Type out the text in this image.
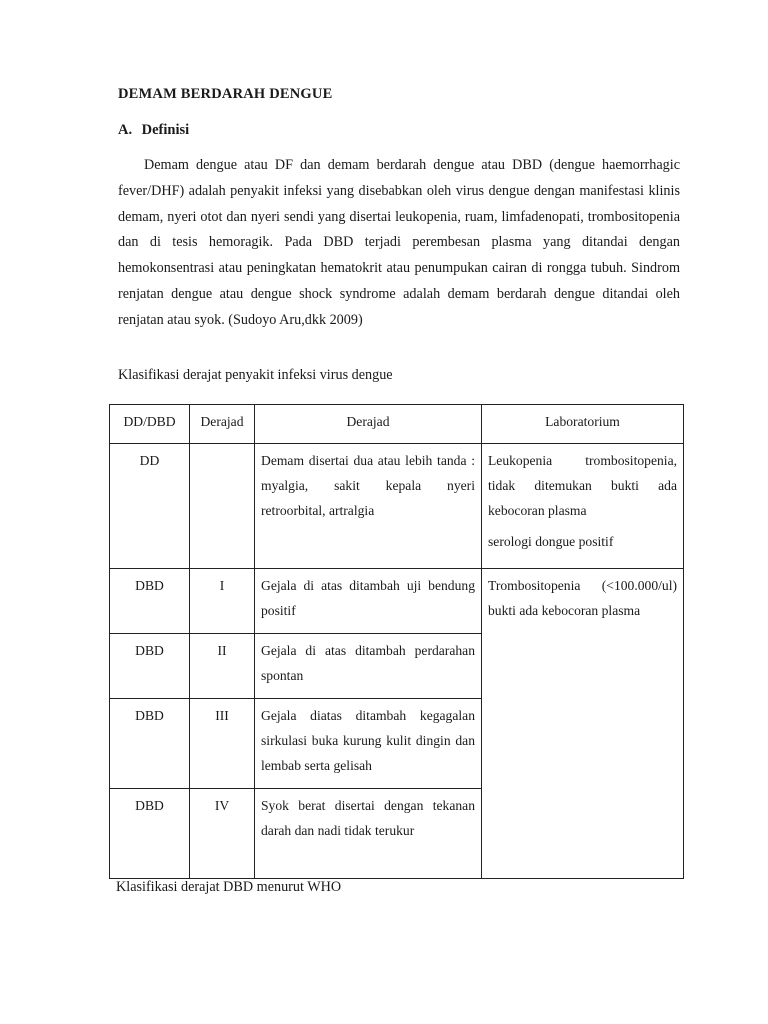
DEMAM BERDARAH DENGUE
A. Definisi

Demam dengue atau DF dan demam berdarah dengue atau DBD (dengue haemorrhagic fever/DHF) adalah penyakit infeksi yang disebabkan oleh virus dengue dengan manifestasi klinis demam, nyeri otot dan nyeri sendi yang disertai leukopenia, ruam, limfadenopati, trombositopenia dan di tesis hemoragik. Pada DBD terjadi perembesan plasma yang ditandai dengan hemokonsentrasi atau peningkatan hematokrit atau penumpukan cairan di rongga tubuh. Sindrom renjatan dengue atau dengue shock syndrome adalah demam berdarah dengue ditandai oleh renjatan atau syok. (Sudoyo Aru,dkk 2009)

Klasifikasi derajat penyakit infeksi virus dengue
DD/DBD	Derajad	Derajad	Laboratorium
DD		Demam disertai dua atau lebih tanda : myalgia, sakit kepala nyeri retroorbital, artralgia	Leukopenia trombositopenia, tidak ditemukan bukti ada kebocoran plasma
serologi dongue positif

DBD	I	Gejala di atas ditambah uji bendung positif	Trombositopenia (<100.000/ul) bukti ada kebocoran plasma

DBD	II	Gejala di atas ditambah perdarahan spontan	
DBD	III	Gejala diatas ditambah kegagalan sirkulasi buka kurung kulit dingin dan lembab serta gelisah	
DBD	IV	Syok berat disertai dengan tekanan darah dan nadi tidak terukur	
Klasifikasi derajat DBD menurut WHO
